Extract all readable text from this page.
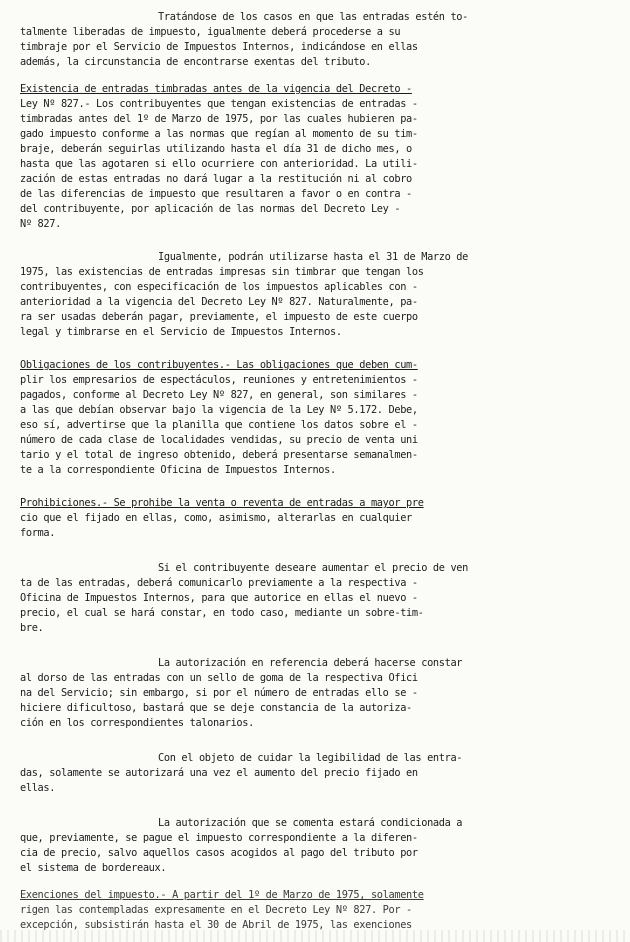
Tratándose de los casos en que las entradas estén to-
talmente liberadas de impuesto, igualmente deberá procederse a su
timbraje por el Servicio de Impuestos Internos, indicándose en ellas
además, la circunstancia de encontrarse exentas del tributo.

Existencia de entradas timbradas antes de la vigencia del Decreto -
Ley Nº 827.- Los contribuyentes que tengan existencias de entradas -
timbradas antes del 1º de Marzo de 1975, por las cuales hubieren pa-
gado impuesto conforme a las normas que regían al momento de su tim-
braje, deberán seguirlas utilizando hasta el día 31 de dicho mes, o
hasta que las agotaren si ello ocurriere con anterioridad. La utili-
zación de estas entradas no dará lugar a la restitución ni al cobro
de las diferencias de impuesto que resultaren a favor o en contra -
del contribuyente, por aplicación de las normas del Decreto Ley -
Nº 827.

Igualmente, podrán utilizarse hasta el 31 de Marzo de
1975, las existencias de entradas impresas sin timbrar que tengan los
contribuyentes, con especificación de los impuestos aplicables con -
anterioridad a la vigencia del Decreto Ley Nº 827. Naturalmente, pa-
ra ser usadas deberán pagar, previamente, el impuesto de este cuerpo
legal y timbrarse en el Servicio de Impuestos Internos.

Obligaciones de los contribuyentes.- Las obligaciones que deben cum-
plir los empresarios de espectáculos, reuniones y entretenimientos -
pagados, conforme al Decreto Ley Nº 827, en general, son similares -
a las que debían observar bajo la vigencia de la Ley Nº 5.172. Debe,
eso sí, advertirse que la planilla que contiene los datos sobre el -
número de cada clase de localidades vendidas, su precio de venta uni
tario y el total de ingreso obtenido, deberá presentarse semanalmen-
te a la correspondiente Oficina de Impuestos Internos.

Prohibiciones.- Se prohibe la venta o reventa de entradas a mayor pre
cio que el fijado en ellas, como, asimismo, alterarlas en cualquier
forma.

Si el contribuyente deseare aumentar el precio de ven
ta de las entradas, deberá comunicarlo previamente a la respectiva -
Oficina de Impuestos Internos, para que autorice en ellas el nuevo -
precio, el cual se hará constar, en todo caso, mediante un sobre-tim-
bre.

La autorización en referencia deberá hacerse constar
al dorso de las entradas con un sello de goma de la respectiva Ofici
na del Servicio; sin embargo, si por el número de entradas ello se -
hiciere dificultoso, bastará que se deje constancia de la autoriza-
ción en los correspondientes talonarios.

Con el objeto de cuidar la legibilidad de las entra-
das, solamente se autorizará una vez el aumento del precio fijado en
ellas.

La autorización que se comenta estará condicionada a
que, previamente, se pague el impuesto correspondiente a la diferen-
cia de precio, salvo aquellos casos acogidos al pago del tributo por
el sistema de bordereaux.

Exenciones del impuesto.- A partir del 1º de Marzo de 1975, solamente
rigen las contempladas expresamente en el Decreto Ley Nº 827. Por -
excepción, subsistirán hasta el 30 de Abril de 1975, las exenciones
